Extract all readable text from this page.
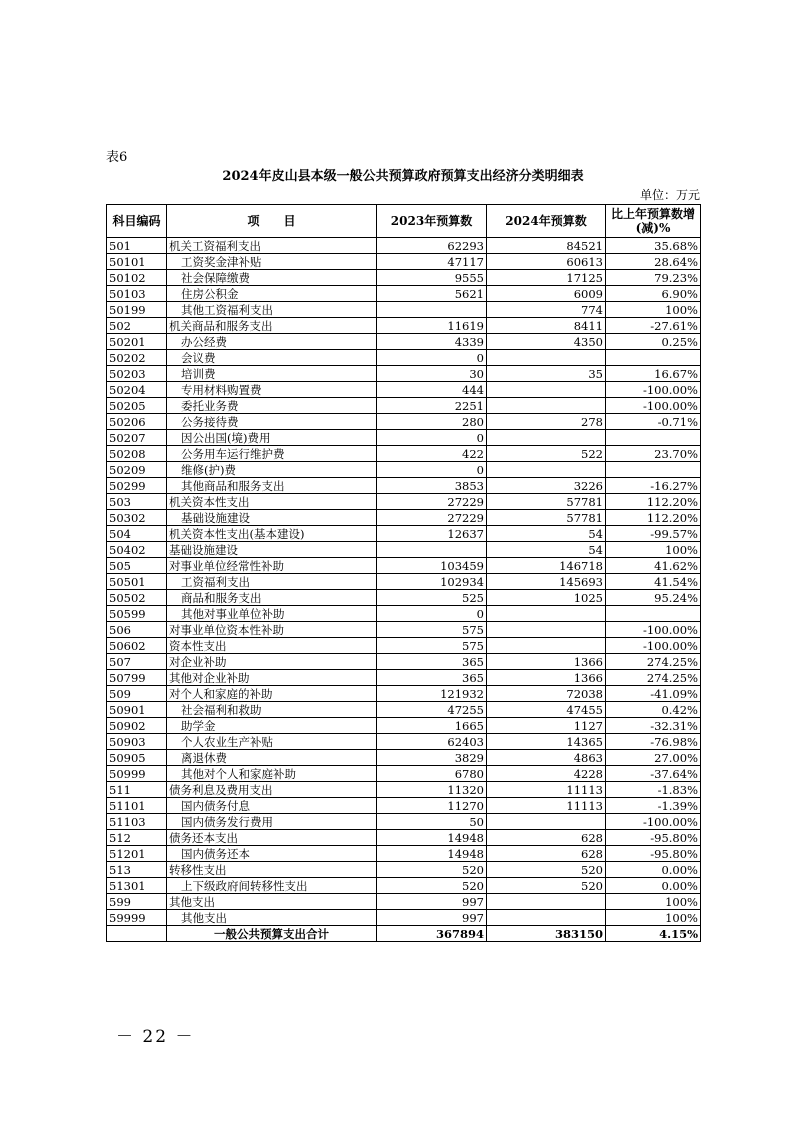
表6
2024年皮山县本级一般公共预算政府预算支出经济分类明细表
单位：万元
科目编码	项　　目	2023年预算数	2024年预算数	比上年预算数增(减)%
501	机关工资福利支出	62293	84521	35.68%
50101	工资奖金津补贴	47117	60613	28.64%
50102	社会保障缴费	9555	17125	79.23%
50103	住房公积金	5621	6009	6.90%
50199	其他工资福利支出		774	100%
502	机关商品和服务支出	11619	8411	-27.61%
50201	办公经费	4339	4350	0.25%
50202	会议费	0		
50203	培训费	30	35	16.67%
50204	专用材料购置费	444		-100.00%
50205	委托业务费	2251		-100.00%
50206	公务接待费	280	278	-0.71%
50207	因公出国(境)费用	0		
50208	公务用车运行维护费	422	522	23.70%
50209	维修(护)费	0		
50299	其他商品和服务支出	3853	3226	-16.27%
503	机关资本性支出	27229	57781	112.20%
50302	基础设施建设	27229	57781	112.20%
504	机关资本性支出(基本建设)	12637	54	-99.57%
50402	基础设施建设		54	100%
505	对事业单位经常性补助	103459	146718	41.62%
50501	工资福利支出	102934	145693	41.54%
50502	商品和服务支出	525	1025	95.24%
50599	其他对事业单位补助	0		
506	对事业单位资本性补助	575		-100.00%
50602	资本性支出	575		-100.00%
507	对企业补助	365	1366	274.25%
50799	其他对企业补助	365	1366	274.25%
509	对个人和家庭的补助	121932	72038	-41.09%
50901	社会福利和救助	47255	47455	0.42%
50902	助学金	1665	1127	-32.31%
50903	个人农业生产补贴	62403	14365	-76.98%
50905	离退休费	3829	4863	27.00%
50999	其他对个人和家庭补助	6780	4228	-37.64%
511	债务利息及费用支出	11320	11113	-1.83%
51101	国内债务付息	11270	11113	-1.39%
51103	国内债务发行费用	50		-100.00%
512	债务还本支出	14948	628	-95.80%
51201	国内债务还本	14948	628	-95.80%
513	转移性支出	520	520	0.00%
51301	上下级政府间转移性支出	520	520	0.00%
599	其他支出	997		100%
59999	其他支出	997		100%
	一般公共预算支出合计	367894	383150	4.15%
－ 22 －
